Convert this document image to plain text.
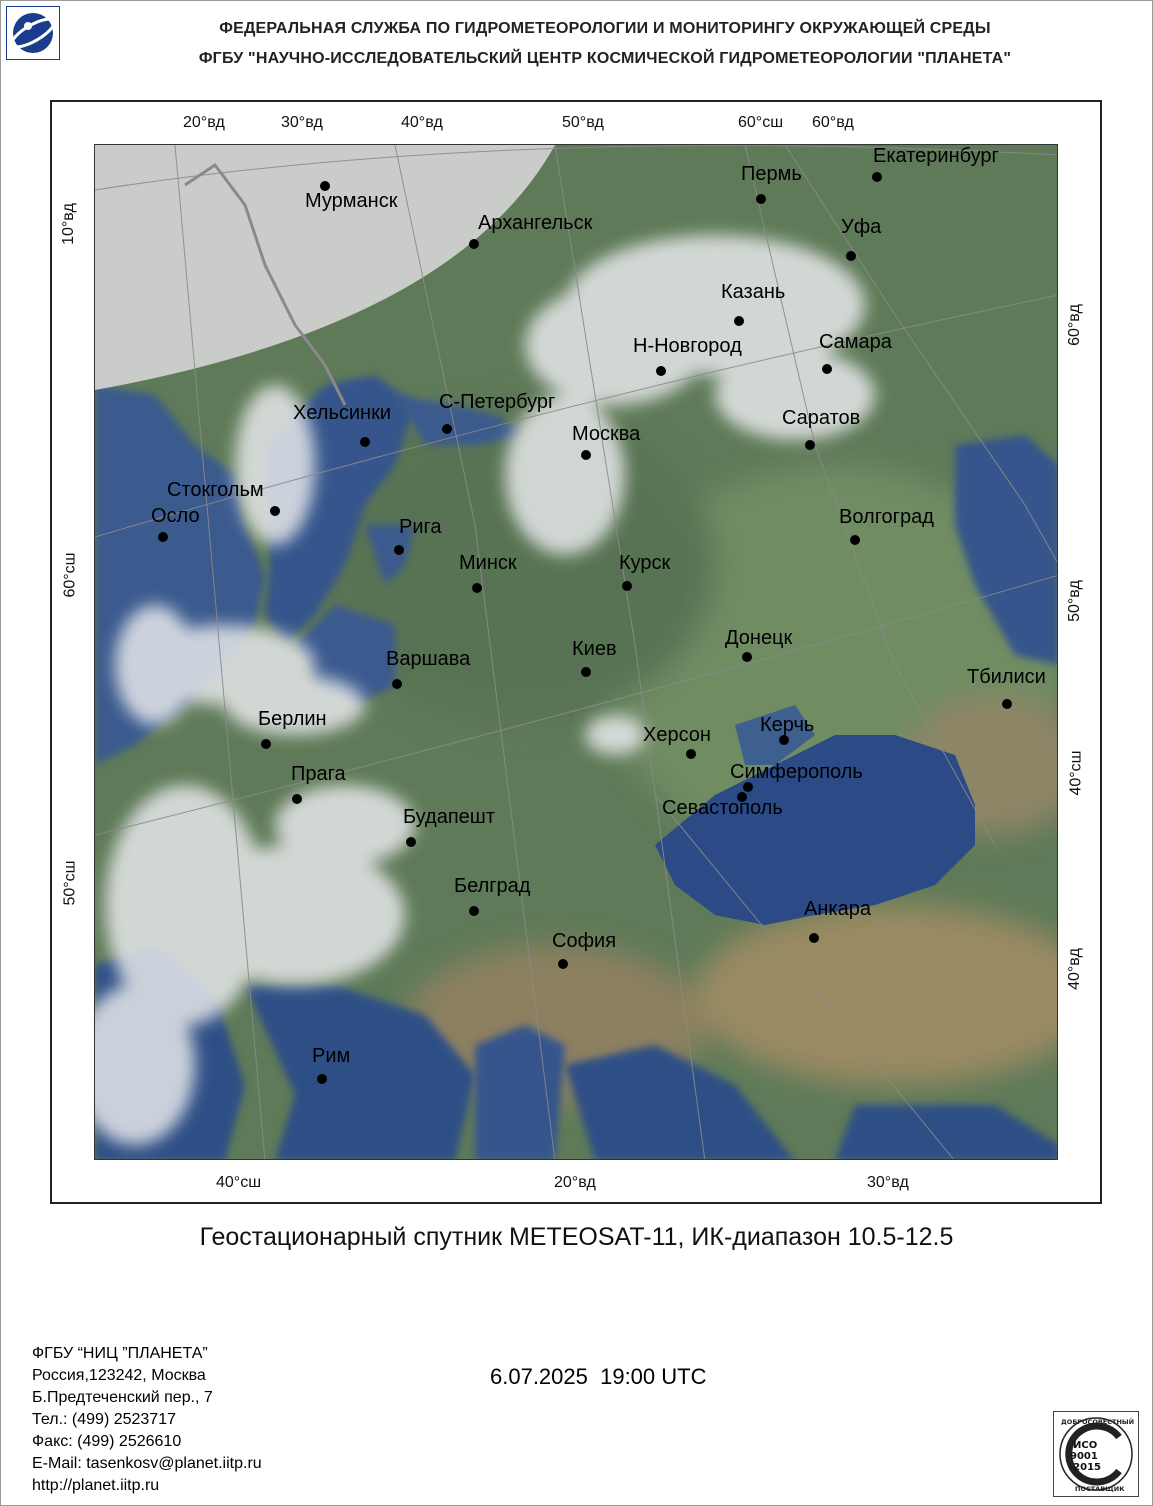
ФЕДЕРАЛЬНАЯ СЛУЖБА ПО ГИДРОМЕТЕОРОЛОГИИ И МОНИТОРИНГУ ОКРУЖАЮЩЕЙ СРЕДЫ
ФГБУ "НАУЧНО-ИССЛЕДОВАТЕЛЬСКИЙ ЦЕНТР КОСМИЧЕСКОЙ ГИДРОМЕТЕОРОЛОГИИ "ПЛАНЕТА"
20°вд	30°вд	40°вд	50°вд	60°сш 60°вд
40°сш	20°вд	30°вд
10°вд
60°сш
50°сш
60°вд
50°вд
40°сш
40°вд
Мурманск
Архангельск
Пермь
Екатеринбург
Уфа
Казань
Н-Новгород	Самара
Хельсинки С-Петербург
Москва
Саратов
Стокгольм
Осло	Рига	Волгоград
Минск	Курск
Донецк
Варшава	Киев
Тбилиси
Берлин
Херсон Керчь
Прага	Симферополь
Севастополь
Будапешт
Белград
Анкара
София
Рим
Геостационарный спутник METEOSAT-11, ИК-диапазон 10.5-12.5
ФГБУ “НИЦ ”ПЛАНЕТА”
Россия,123242, Москва
Б.Предтеченский пер., 7
Тел.: (499) 2523717
Факс: (499) 2526610
E-Mail: tasenkosv@planet.iitp.ru
http://planet.iitp.ru
6.07.2025  19:00 UTC
ДОБРОСОВЕСТНЫЙ
ПОСТАВЩИК
ИСО
9001
-2015
